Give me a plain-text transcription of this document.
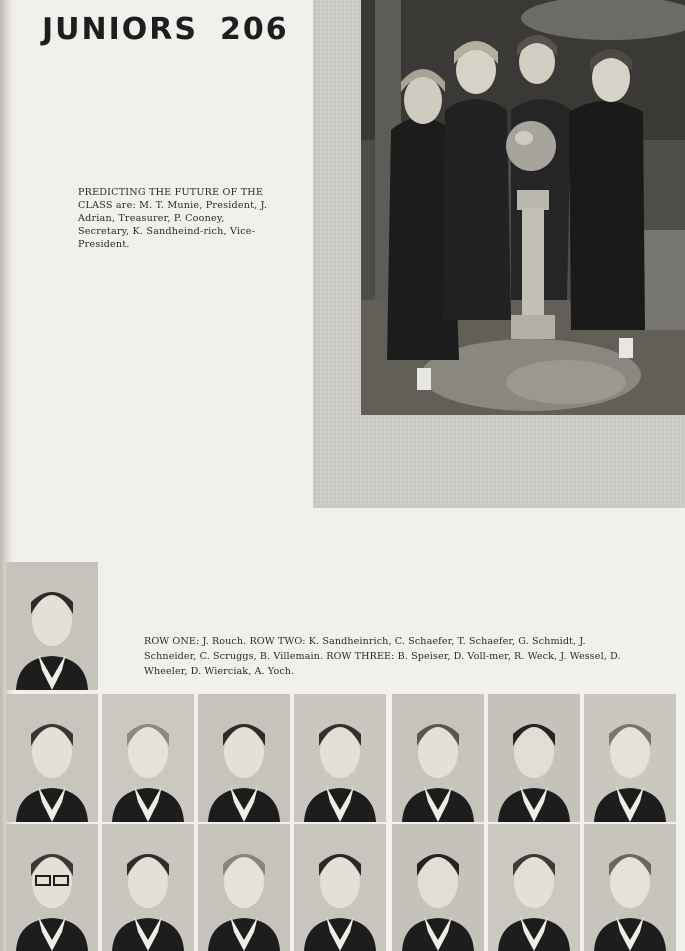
JUNIORS 206

PREDICTING THE FUTURE OF THE CLASS are: M. T. Munie, President, J. Adrian, Treasurer, P. Cooney, Secretary, K. Sandheind-rich, Vice-President.

ROW ONE: J. Rouch. ROW TWO: K. Sandheinrich, C. Schaefer, T. Schaefer, G. Schmidt, J. Schneider, C. Scruggs, B. Villemain. ROW THREE: B. Speiser, D. Voll-mer, R. Weck, J. Wessel, D. Wheeler, D. Wierciak, A. Yoch.
